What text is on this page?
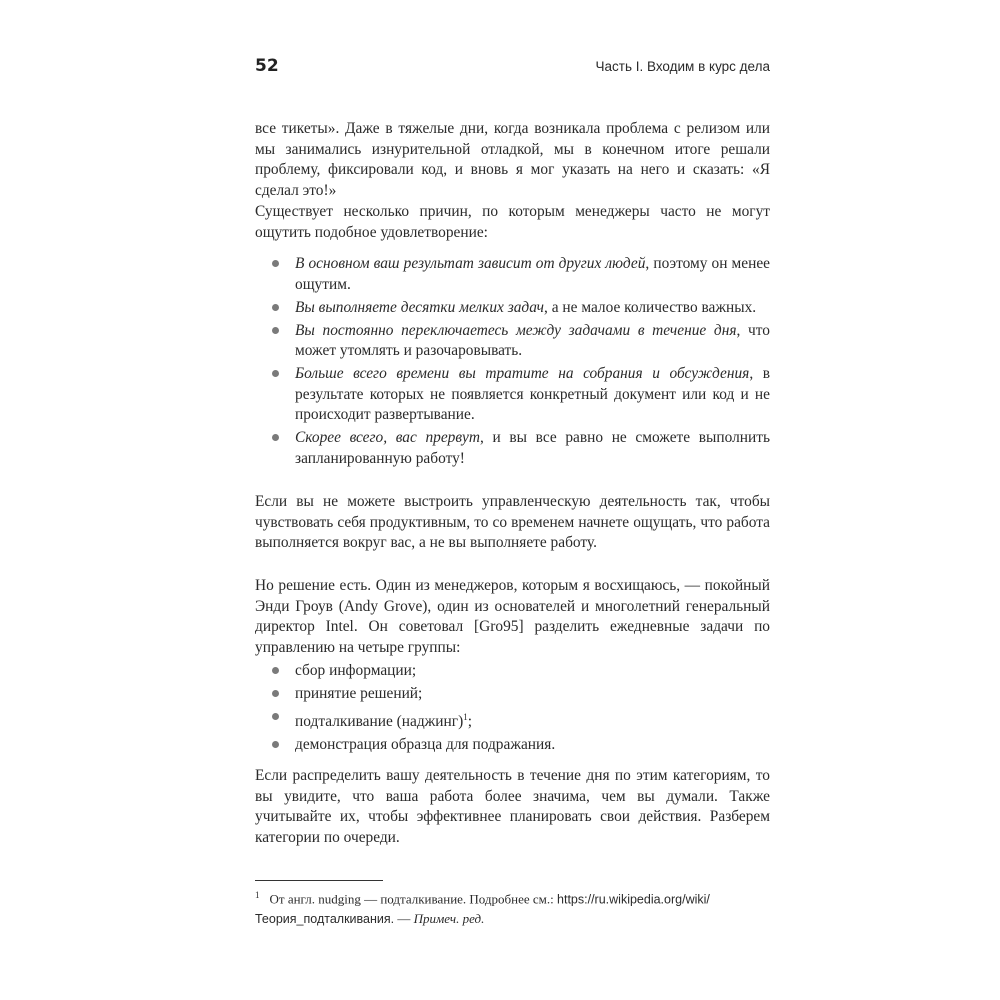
52	Часть I. Входим в курс дела

все тикеты». Даже в тяжелые дни, когда возникала проблема с релизом или мы занимались изнурительной отладкой, мы в конечном итоге решали проблему, фиксировали код, и вновь я мог указать на него и сказать: «Я сделал это!»

Существует несколько причин, по которым менеджеры часто не могут ощутить подобное удовлетворение:

В основном ваш результат зависит от других людей, поэтому он менее ощутим.
Вы выполняете десятки мелких задач, а не малое количество важных.
Вы постоянно переключаетесь между задачами в течение дня, что может утомлять и разочаровывать.
Больше всего времени вы тратите на собрания и обсуждения, в результате которых не появляется конкретный документ или код и не происходит развертывание.
Скорее всего, вас прервут, и вы все равно не сможете выполнить запланированную работу!

Если вы не можете выстроить управленческую деятельность так, чтобы чувствовать себя продуктивным, то со временем начнете ощущать, что работа выполняется вокруг вас, а не вы выполняете работу.

Но решение есть. Один из менеджеров, которым я восхищаюсь, — покойный Энди Гроув (Andy Grove), один из основателей и многолетний генеральный директор Intel. Он советовал [Gro95] разделить ежедневные задачи по управлению на четыре группы:

сбор информации;
принятие решений;
подталкивание (наджинг)$^1$;
демонстрация образца для подражания.

Если распределить вашу деятельность в течение дня по этим категориям, то вы увидите, что ваша работа более значима, чем вы думали. Также учитывайте их, чтобы эффективнее планировать свои действия. Разберем категории по очереди.

$^1$ От англ. nudging — подталкивание. Подробнее см.: https://ru.wikipedia.org/wiki/Теория_подталкивания. — Примеч. ред.
